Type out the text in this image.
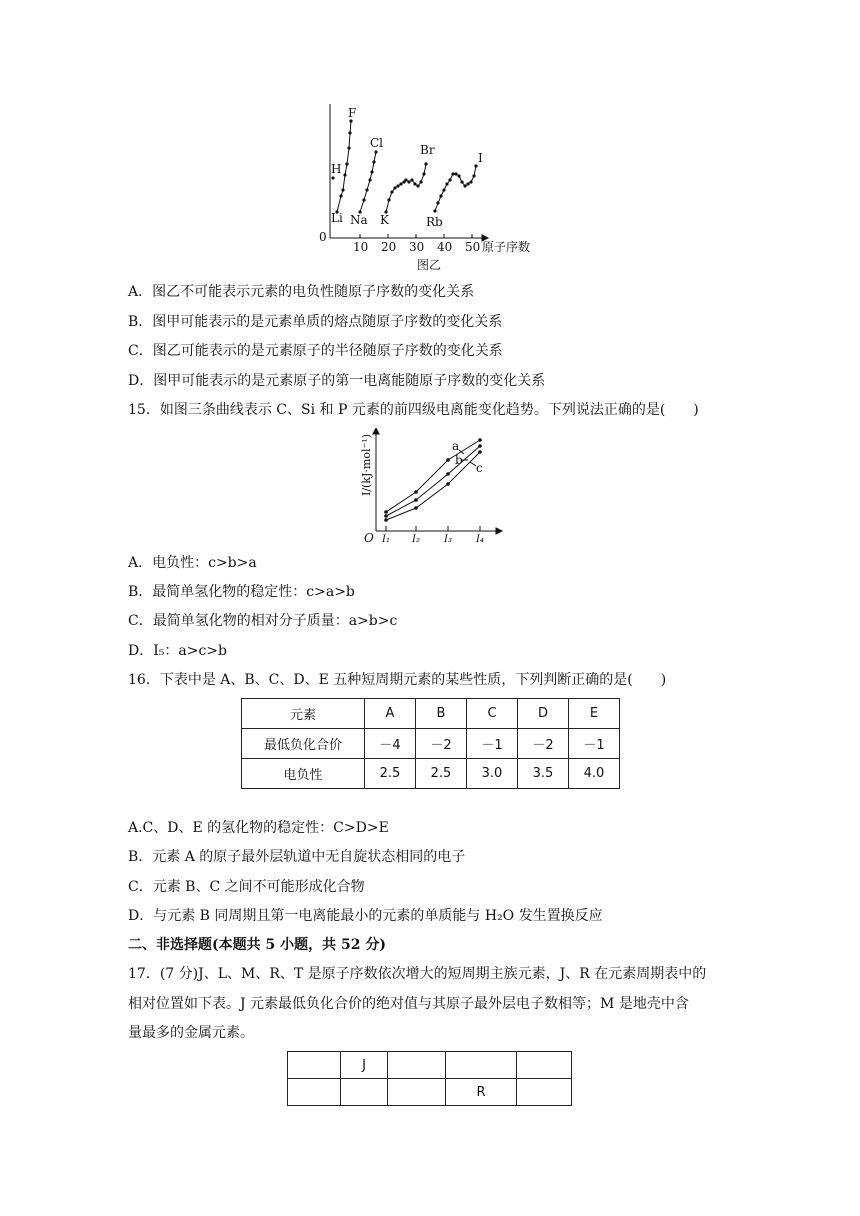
F
H
Cl	Br
I
Li Na K	Rb
0
10 20 30 40 50 原子序数
图乙
A．图乙不可能表示元素的电负性随原子序数的变化关系
B．图甲可能表示的是元素单质的熔点随原子序数的变化关系
C．图乙可能表示的是元素原子的半径随原子序数的变化关系
D．图甲可能表示的是元素原子的第一电离能随原子序数的变化关系
15．如图三条曲线表示 C、Si 和 P 元素的前四级电离能变化趋势。下列说法正确的是(　　)
I/(kJ·mol⁻¹)
O I₁ I₂ I₃ I₄
a
b
c
A．电负性：c>b>a
B．最简单氢化物的稳定性：c>a>b
C．最简单氢化物的相对分子质量：a>b>c
D．I₅：a>c>b
16．下表中是 A、B、C、D、E 五种短周期元素的某些性质，下列判断正确的是(　　)
元素	A	B	C	D	E
最低负化合价	－4	－2	－1	－2	－1
电负性	2.5	2.5	3.0	3.5	4.0
A.C、D、E 的氢化物的稳定性：C>D>E
B．元素 A 的原子最外层轨道中无自旋状态相同的电子
C．元素 B、C 之间不可能形成化合物
D．与元素 B 同周期且第一电离能最小的元素的单质能与 H₂O 发生置换反应
二、非选择题(本题共 5 小题，共 52 分)
17．(7 分)J、L、M、R、T 是原子序数依次增大的短周期主族元素，J、R 在元素周期表中的
相对位置如下表。J 元素最低负化合价的绝对值与其原子最外层电子数相等；M 是地壳中含
量最多的金属元素。
	J			
			R	
